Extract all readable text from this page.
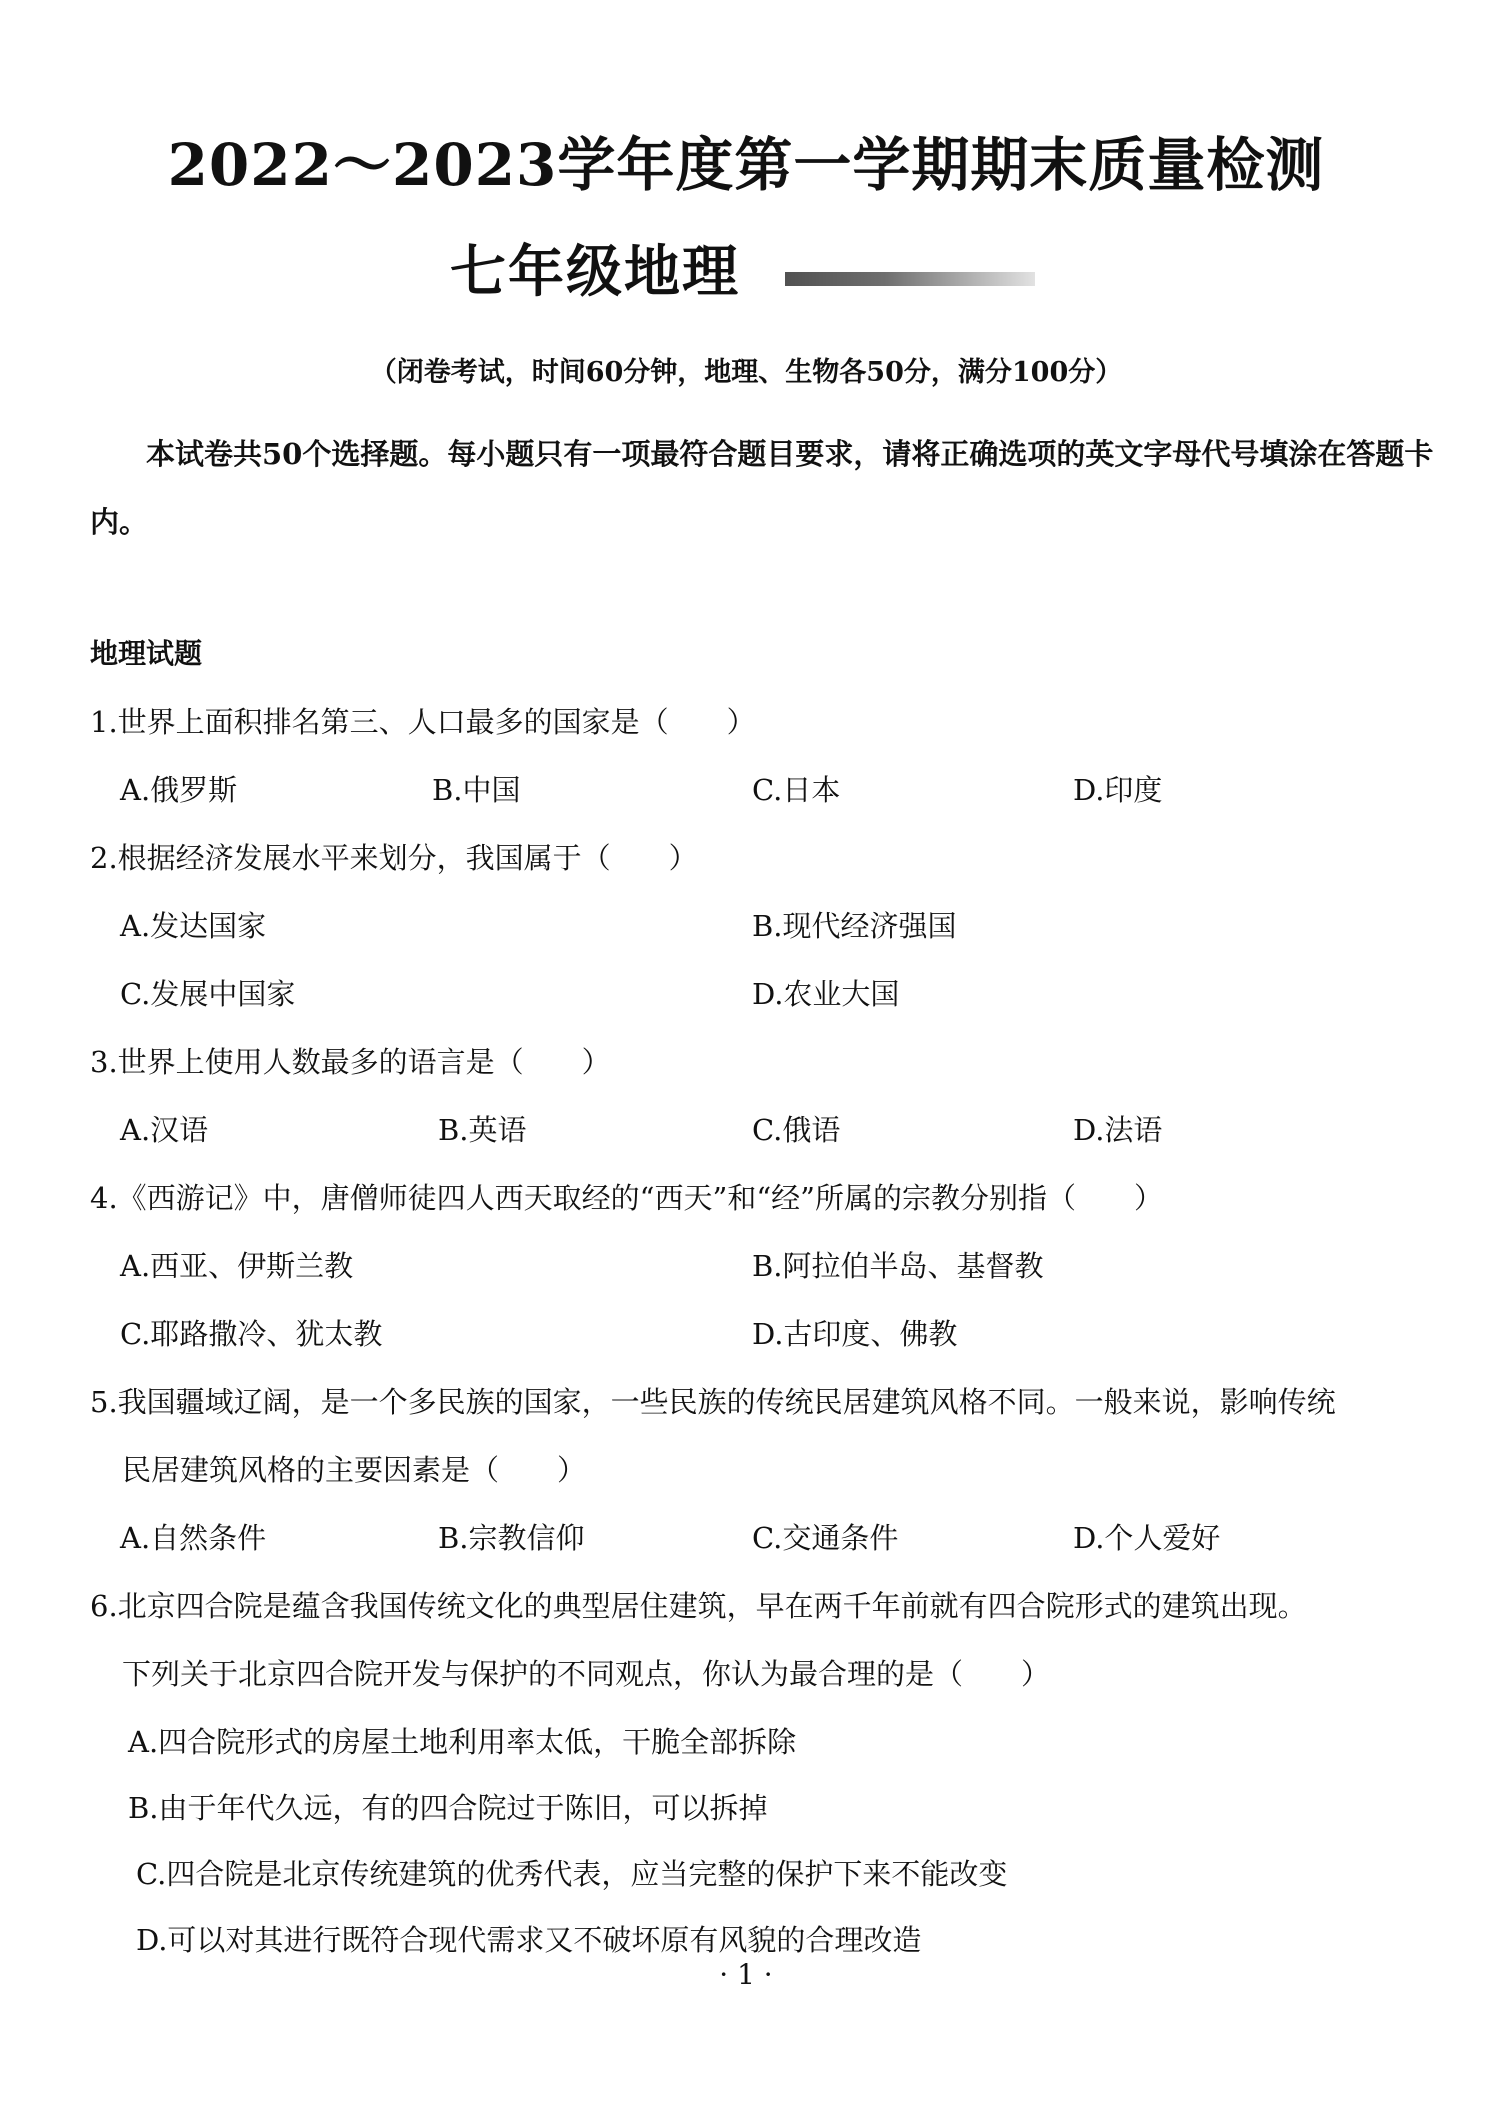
2022～2023学年度第一学期期末质量检测
七年级地理
（闭卷考试，时间60分钟，地理、生物各50分，满分100分）
本试卷共50个选择题。每小题只有一项最符合题目要求，请将正确选项的英文字母代号填涂在答题卡内。
地理试题
1.世界上面积排名第三、人口最多的国家是（　　）
A.俄罗斯	B.中国	C.日本	D.印度
2.根据经济发展水平来划分，我国属于（　　）
A.发达国家	B.现代经济强国
C.发展中国家	D.农业大国
3.世界上使用人数最多的语言是（　　）
A.汉语	B.英语	C.俄语	D.法语
4.《西游记》中，唐僧师徒四人西天取经的“西天”和“经”所属的宗教分别指（　　）
A.西亚、伊斯兰教	B.阿拉伯半岛、基督教
C.耶路撒冷、犹太教	D.古印度、佛教
5.我国疆域辽阔，是一个多民族的国家，一些民族的传统民居建筑风格不同。一般来说，影响传统
民居建筑风格的主要因素是（　　）
A.自然条件	B.宗教信仰	C.交通条件	D.个人爱好
6.北京四合院是蕴含我国传统文化的典型居住建筑，早在两千年前就有四合院形式的建筑出现。
下列关于北京四合院开发与保护的不同观点，你认为最合理的是（　　）
A.四合院形式的房屋土地利用率太低，干脆全部拆除
B.由于年代久远，有的四合院过于陈旧，可以拆掉
C.四合院是北京传统建筑的优秀代表，应当完整的保护下来不能改变
D.可以对其进行既符合现代需求又不破坏原有风貌的合理改造
· 1 ·
